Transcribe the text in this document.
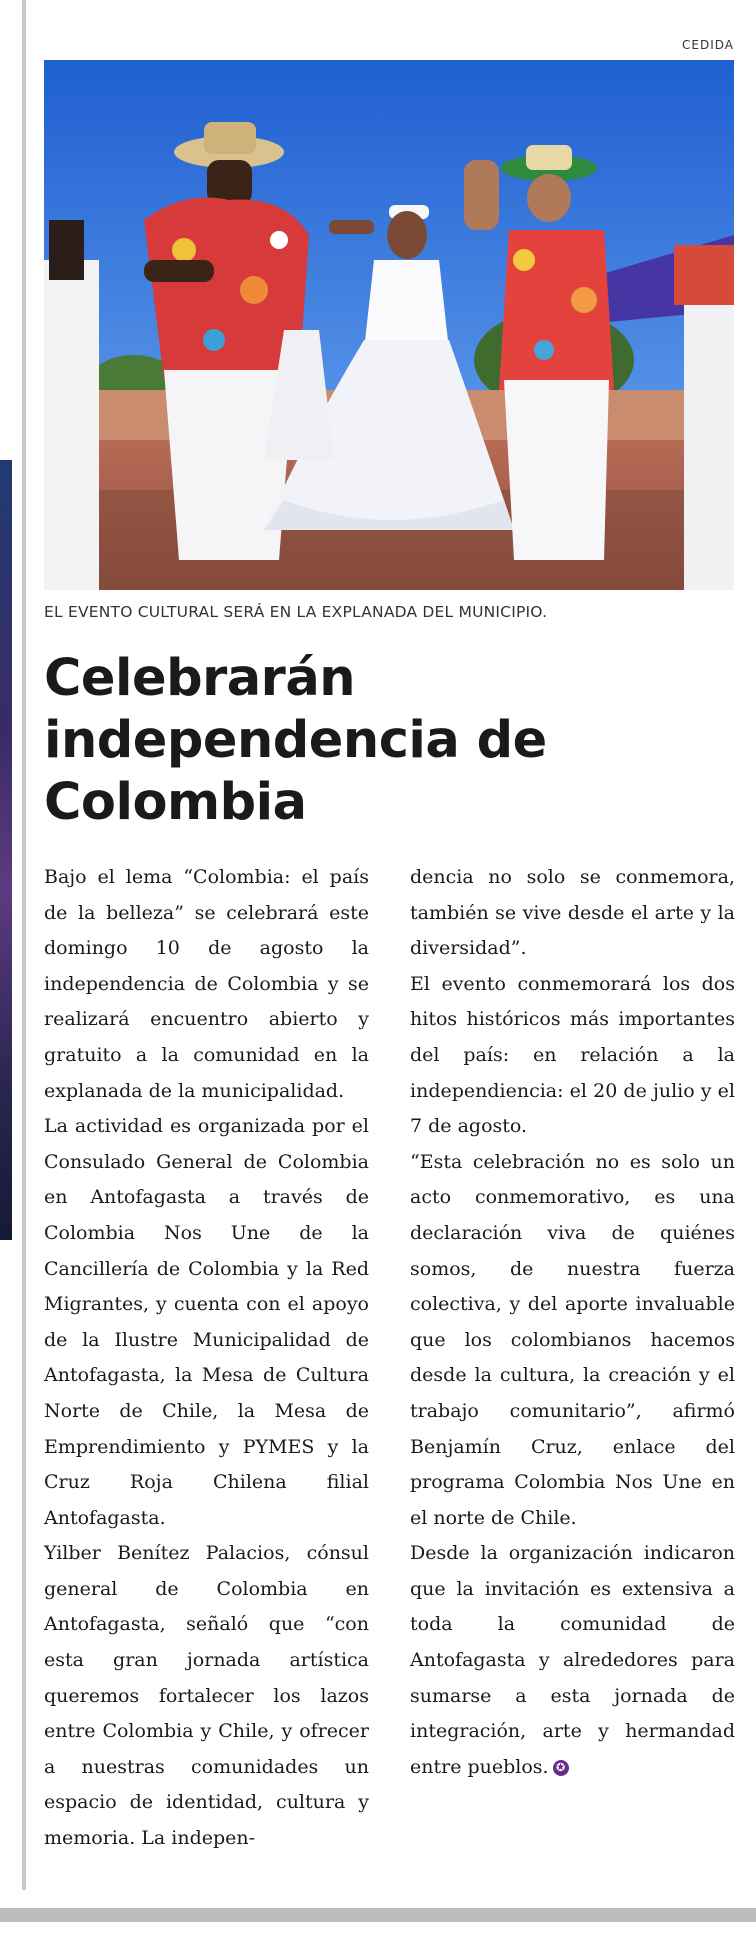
CEDIDA
EL EVENTO CULTURAL SERÁ EN LA EXPLANADA DEL MUNICIPIO.
Celebrarán
independencia de
Colombia

Bajo el lema “Colombia: el país de la belleza” se celebrará este domingo 10 de agosto la independencia de Colombia y se realizará encuentro abierto y gratuito a la comunidad en la explanada de la municipalidad.

La actividad es organizada por el Consulado General de Colombia en Antofagasta a través de Colombia Nos Une de la Cancillería de Colombia y la Red Migrantes, y cuenta con el apoyo de la Ilustre Municipalidad de Antofagasta, la Mesa de Cultura Norte de Chile, la Mesa de Emprendimiento y PYMES y la Cruz Roja Chilena filial Antofagasta.

Yilber Benítez Palacios, cónsul general de Colombia en Antofagasta, señaló que “con esta gran jornada artística queremos fortalecer los lazos entre Colombia y Chile, y ofrecer a nuestras comunidades un espacio de identidad, cultura y memoria. La indepen-

dencia no solo se conmemora, también se vive desde el arte y la diversidad”.

El evento conmemorará los dos hitos históricos más importantes del país: en relación a la independiencia: el 20 de julio y el 7 de agosto.

“Esta celebración no es solo un acto conmemorativo, es una declaración viva de quiénes somos, de nuestra fuerza colectiva, y del aporte invaluable que los colombianos hacemos desde la cultura, la creación y el trabajo comunitario”, afirmó Benjamín Cruz, enlace del programa Colombia Nos Une en el norte de Chile.

Desde la organización indicaron que la invitación es extensiva a toda la comunidad de Antofagasta y alrededores para sumarse a esta jornada de integración, arte y hermandad entre pueblos. ✪
